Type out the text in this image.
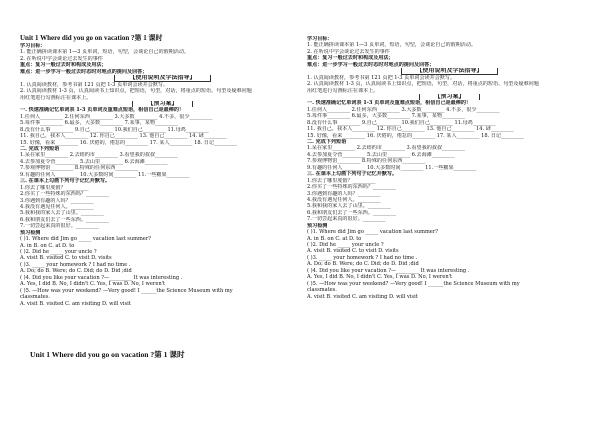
Unit 1 Where did you go on vacation ?第 1 课时
学习目标：
1. 能正确拼读课本第 1—3 页单词，短语，句型，会谈论自己的假期活动。
2. 在听说中学会谈论过去发生的事件
重点：复习一般过去时和构成及用法；
难点：进一步学习一般过去时态时对地点的提问及回答；
【使用说明及学法指导】
1. 认真阅读教材，参考书第 121 页把 1-3 页单词会读并会默写。
2. 认真阅读教材 1-3 页，认真阅读书上知识点，把短语，句型，对话，将重点的短语、句型及疑难问题
用红笔进行勾画标注在课本上。
【预习案】
一. 快速准确记忆单词表 1-3 页单词及重难点短语，相信自己是最棒的！
1.任何人_________ 2.任何东西_________ 3.大多数_________ 4.不多，很少_________
5.每件事_________ 6.最多，大多数_________ 7.某事，某物_________
8.没有什么事_________ 9.自己_________ 10.我们自己_________ 11.母鸡_________
11. 我自己，我本人_________ 12. 你自己_________ 13. 他自己_________ 14. 肆_________
15. 好像，看来_________ 16. 厌倦的，倦怠的_________ 17. 某人_________ 18. 日记_________
二. 完成下列短语
1.呆在家里_________ 2.去纽约市_________ 3.看望我的叔叔_________
4.去参加夏令营_________ 5.去山里_________ 6.去海滩_________
7.参观博物馆_________ 8.特殊的任何东西_________
9.有趣的任何人_________ 10.大多数时间_________ 11.一些糖果_________
三. 在课本上勾画下列句子记忆并默写。
1.你去了哪里度假？_________
2.你买了一些特殊的东西吗？_________
3.你遇到有趣的人吗？_________
4.我没有遇见任何人。_________
5.我和我的家人去了山里。_________
6.我和朋友们去了一些东西。_________
7.一切尝起来真的很好。_________
预习检测
( )1. Where did Jim go _____ vacation last summer?
A. in B. on C. at D. to
( )2. Did he _____ your uncle ?
A. visit B. visited C. to visit D. visits
( )3. _____ your homework ? I had no time .
A. Do; do B. Were; do C. Did; do D. Did ;did
( )4. Did you like your vacation ?—_________ It was interesting .
A. Yes, I did B. No, I didn't C. Yes, I was D. No, I weren't
( )5. —How was your weekend? —Very good! I ______the Science Museum with my
classmates.
A. visit B. visited C. am visiting D. will visit
Unit 1 Where did you go on vacation ?第 1 课时
学习目标：
1. 能正确拼读课本第 1—3 页单词，短语，句型，会谈论自己的假期活动。
2. 在听说中学会谈论过去发生的事件
重点：复习一般过去时和构成及用法；
难点：进一步学习一般过去时态时对地点的提问及回答；
【使用说明及学法指导】
1. 认真阅读教材，参考书第 121 页把 1-3 页单词会读并会默写。
2. 认真阅读教材 1-3 页，认真阅读书上知识点，把短语，句型，对话，将重点的短语、句型及疑难问题
用红笔进行勾画标注在课本上。
【预习案】
一. 快速准确记忆单词表 1-3 页单词及重难点短语，相信自己是最棒的！
1.任何人_________ 2.任何东西_________ 3.大多数_________ 4.不多，很少_________
5.每件事_________ 6.最多，大多数_________ 7.某事，某物_________
8.没有什么事_________ 9.自己_________ 10.我们自己_________ 11.母鸡_________
11. 我自己，我本人_________ 12. 你自己_________ 13. 他自己_________ 14. 肆_________
15. 好像，看来_________ 16. 厌倦的，倦怠的_________ 17. 某人_________ 18. 日记_________
二. 完成下列短语
1.呆在家里_________ 2.去纽约市_________ 3.看望我的叔叔_________
4.去参加夏令营_________ 5.去山里_________ 6.去海滩_________
7.参观博物馆_________ 8.特殊的任何东西_________
9.有趣的任何人_________ 10.大多数时间_________ 11.一些糖果_________
三. 在课本上勾画下列句子记忆并默写。
1.你去了哪里度假？_________
2.你买了一些特殊的东西吗？_________
3.你遇到有趣的人吗？_________
4.我没有遇见任何人。_________
5.我和我的家人去了山里。_________
6.我和朋友们去了一些东西。_________
7.一切尝起来真的很好。_________
预习检测
( )1. Where did Jim go _____ vacation last summer?
A. in B. on C. at D. to
( )2. Did he _____ your uncle ?
A. visit B. visited C. to visit D. visits
( )3. _____ your homework ? I had no time .
A. Do; do B. Were; do C. Did; do D. Did ;did
( )4. Did you like your vacation ?—_________ It was interesting .
A. Yes, I did B. No, I didn't C. Yes, I was D. No, I weren't
( )5. —How was your weekend? —Very good! I ______the Science Museum with my
classmates.
A. visit B. visited C. am visiting D. will visit
